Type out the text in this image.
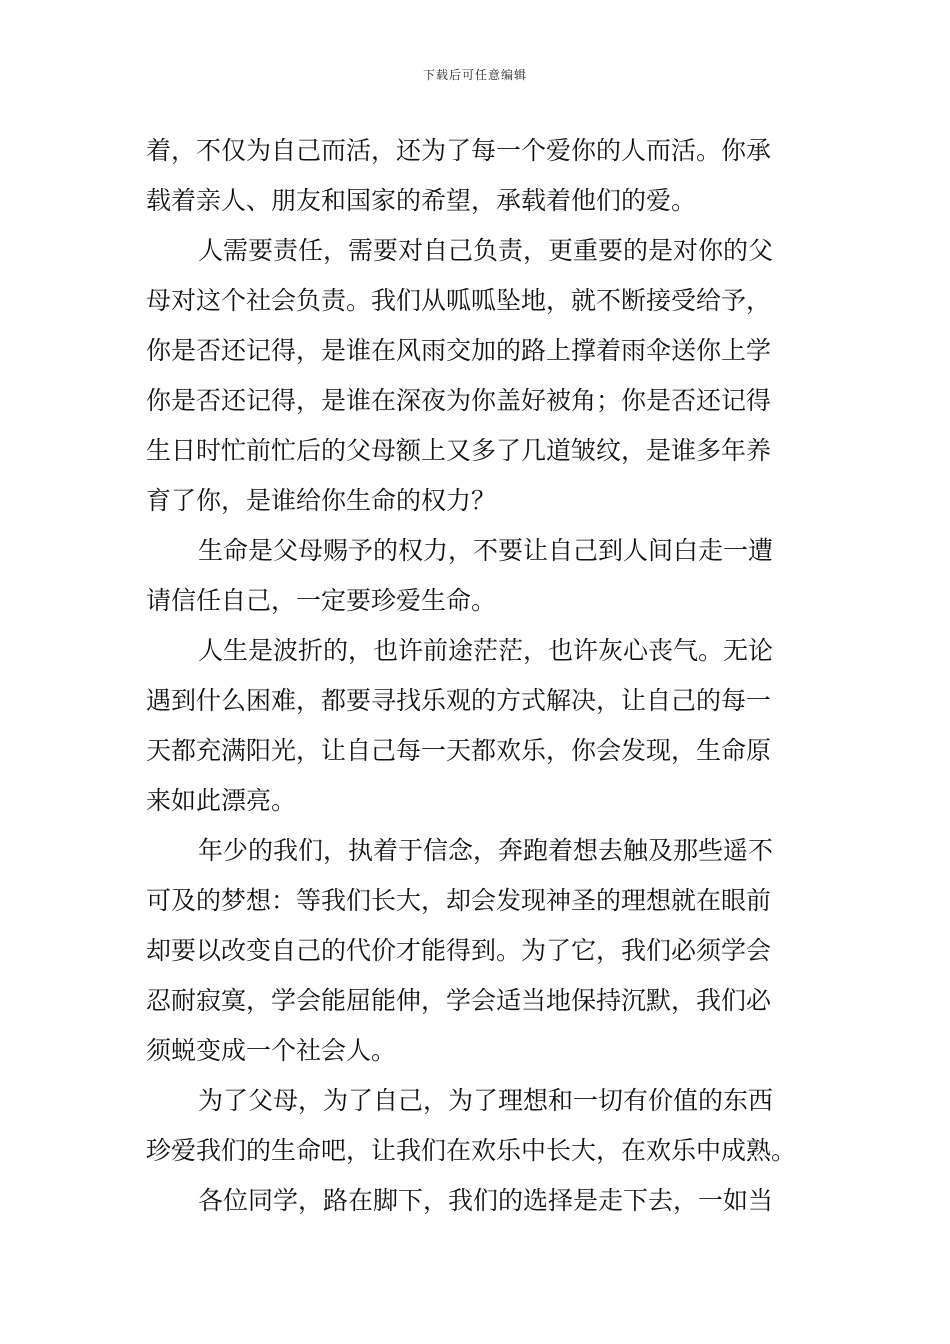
下载后可任意编辑
着，不仅为自己而活，还为了每一个爱你的人而活。你承
载着亲人、朋友和国家的希望，承载着他们的爱。
人需要责任，需要对自己负责，更重要的是对你的父
母对这个社会负责。我们从呱呱坠地，就不断接受给予，
你是否还记得，是谁在风雨交加的路上撑着雨伞送你上学
你是否还记得，是谁在深夜为你盖好被角；你是否还记得
生日时忙前忙后的父母额上又多了几道皱纹，是谁多年养
育了你，是谁给你生命的权力？
生命是父母赐予的权力，不要让自己到人间白走一遭
请信任自己，一定要珍爱生命。
人生是波折的，也许前途茫茫，也许灰心丧气。无论
遇到什么困难，都要寻找乐观的方式解决，让自己的每一
天都充满阳光，让自己每一天都欢乐，你会发现，生命原
来如此漂亮。
年少的我们，执着于信念，奔跑着想去触及那些遥不
可及的梦想：等我们长大，却会发现神圣的理想就在眼前
却要以改变自己的代价才能得到。为了它，我们必须学会
忍耐寂寞，学会能屈能伸，学会适当地保持沉默，我们必
须蜕变成一个社会人。
为了父母，为了自己，为了理想和一切有价值的东西
珍爱我们的生命吧，让我们在欢乐中长大，在欢乐中成熟。
各位同学，路在脚下，我们的选择是走下去，一如当
